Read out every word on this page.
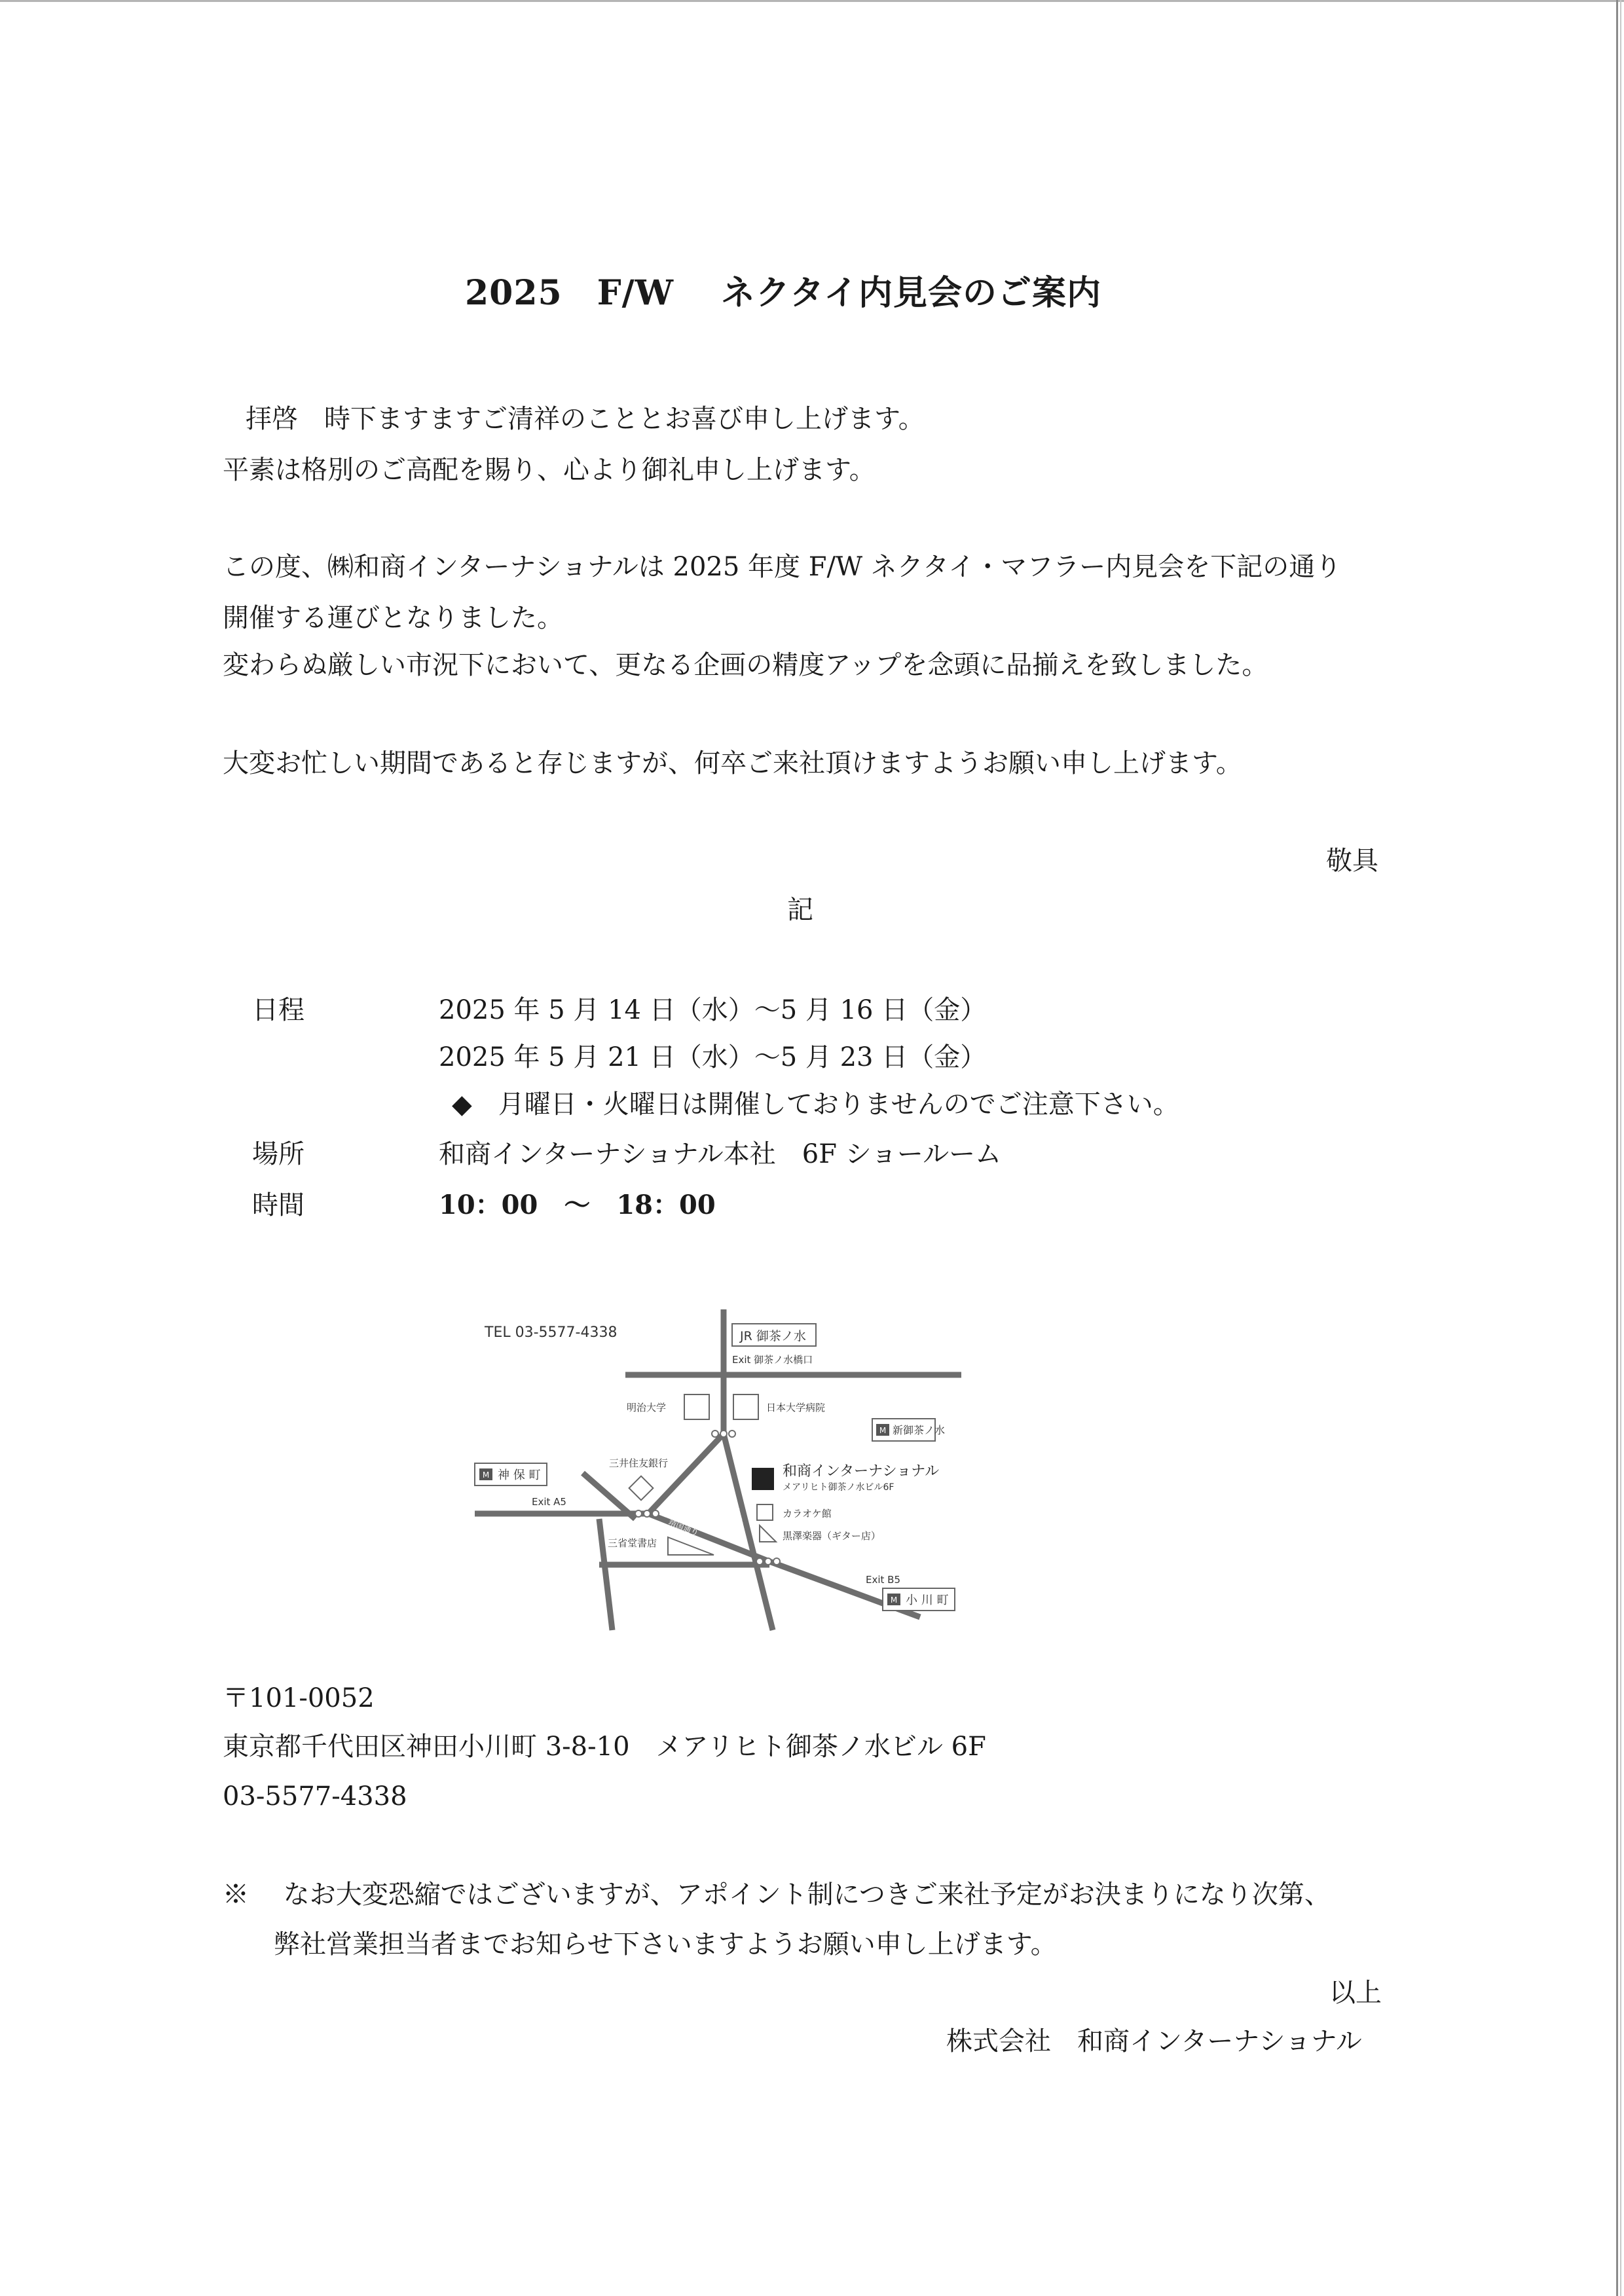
2025　F/W　 ネクタイ内見会のご案内
拝啓　時下ますますご清祥のこととお喜び申し上げます。
平素は格別のご高配を賜り、心より御礼申し上げます。
この度、㈱和商インターナショナルは 2025 年度 F/W ネクタイ・マフラー内見会を下記の通り
開催する運びとなりました。
変わらぬ厳しい市況下において、更なる企画の精度アップを念頭に品揃えを致しました。
大変お忙しい期間であると存じますが、何卒ご来社頂けますようお願い申し上げます。
敬具
記
日程	2025 年 5 月 14 日（水）～5 月 16 日（金）
2025 年 5 月 21 日（水）～5 月 23 日（金）
◆　月曜日・火曜日は開催しておりませんのでご注意下さい。
場所	和商インターナショナル本社　6F ショールーム
時間	10：00　～　18：00
TEL 03-5577-4338	JR 御茶ノ水
Exit 御茶ノ水橋口
明治大学	日本大学病院
M 新御茶ノ水
M 神 保 町
Exit A5
三井住友銀行	和商インターナショナル
メアリヒト御茶ノ水ビル6F
カラオケ館
黒澤楽器（ギター店）
三省堂書店
明大通り
靖国通り
Exit B5
M 小 川 町
〒101-0052
東京都千代田区神田小川町 3-8-10　メアリヒト御茶ノ水ビル 6F
03-5577-4338
※　 なお大変恐縮ではございますが、アポイント制につきご来社予定がお決まりになり次第、
弊社営業担当者までお知らせ下さいますようお願い申し上げます。
以上
株式会社　和商インターナショナル
